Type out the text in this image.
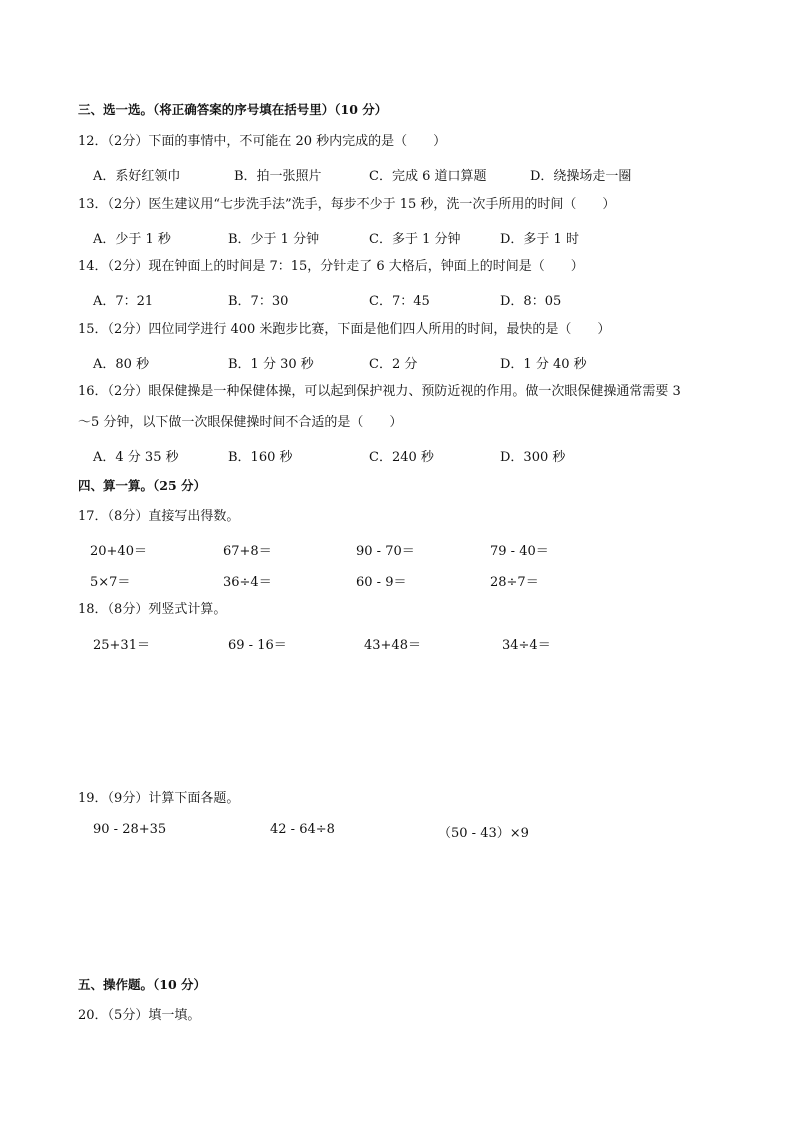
三、选一选。（将正确答案的序号填在括号里）（10 分）
12．（2分）下面的事情中，不可能在 20 秒内完成的是（　　）
A．系好红领巾	B．拍一张照片	C．完成 6 道口算题	D．绕操场走一圈
13．（2分）医生建议用“七步洗手法”洗手，每步不少于 15 秒，洗一次手所用的时间（　　）
A．少于 1 秒	B．少于 1 分钟	C．多于 1 分钟	D．多于 1 时
14．（2分）现在钟面上的时间是 7：15，分针走了 6 大格后，钟面上的时间是（　　）
A．7：21	B．7：30	C．7：45	D．8：05
15．（2分）四位同学进行 400 米跑步比赛，下面是他们四人所用的时间，最快的是（　　）
A．80 秒	B．1 分 30 秒	C．2 分	D．1 分 40 秒
16．（2分）眼保健操是一种保健体操，可以起到保护视力、预防近视的作用。做一次眼保健操通常需要 3
～5 分钟，以下做一次眼保健操时间不合适的是（　　）
A．4 分 35 秒	B．160 秒	C．240 秒	D．300 秒
四、算一算。（25 分）
17．（8分）直接写出得数。
20+40＝	67+8＝	90 - 70＝	79 - 40＝
5×7＝	36÷4＝	60 - 9＝	28÷7＝
18．（8分）列竖式计算。
25+31＝	69 - 16＝	43+48＝	34÷4＝
19．（9分）计算下面各题。
90 - 28+35	42 - 64÷8	（50 - 43）×9
五、操作题。（10 分）
20．（5分）填一填。
